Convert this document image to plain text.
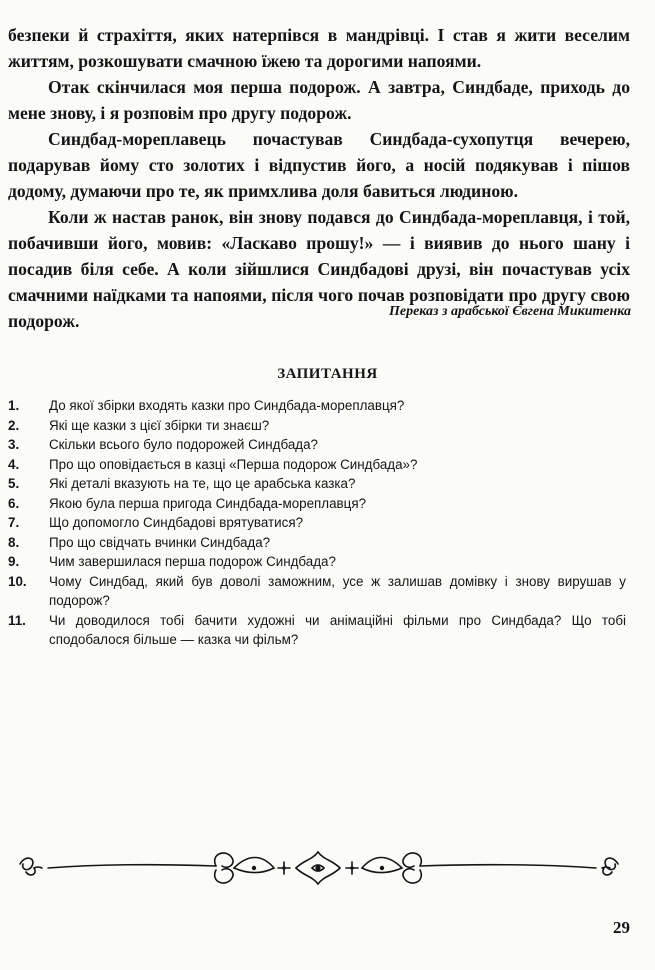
безпеки й страхіття, яких натерпівся в мандрівці. І став я жити веселим життям, розкошувати смачною їжею та дорогими напоями.

Отак скінчилася моя перша подорож. А завтра, Синдбаде, приходь до мене знову, і я розповім про другу подорож.

Синдбад-мореплавець почастував Синдбада-сухопутця вечерею, подарував йому сто золотих і відпустив його, а носій подякував і пішов додому, думаючи про те, як примхлива доля бавиться людиною.

Коли ж настав ранок, він знову подався до Синдбада-мореплавця, і той, побачивши його, мовив: «Ласкаво прошу!» — і виявив до нього шану і посадив біля себе. А коли зійшлися Синдбадові друзі, він почастував усіх смачними наїдками та напоями, після чого почав розповідати про другу свою подорож.	Переказ з арабської Євгена Микитенка
ЗАПИТАННЯ
1.	До якої збірки входять казки про Синдбада-мореплавця?
2.	Які ще казки з цієї збірки ти знаєш?
3.	Скільки всього було подорожей Синдбада?
4.	Про що оповідається в казці «Перша подорож Синдбада»?
5.	Які деталі вказують на те, що це арабська казка?
6.	Якою була перша пригода Синдбада-мореплавця?
7.	Що допомогло Синдбадові врятуватися?
8.	Про що свідчать вчинки Синдбада?
9.	Чим завершилася перша подорож Синдбада?
10.	Чому Синдбад, який був доволі заможним, усе ж залишав домівку і знову вирушав у подорож?
11.	Чи доводилося тобі бачити художні чи анімаційні фільми про Синдбада? Що тобі сподобалося більше — казка чи фільм?
29
